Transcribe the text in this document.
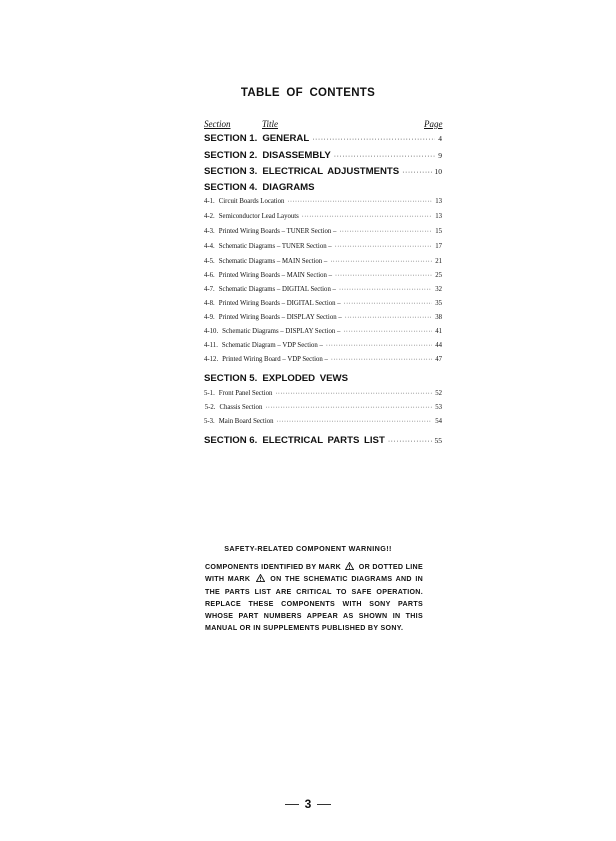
TABLE OF CONTENTS
Section	Title	Page
SECTION 1. GENERAL ·····	4
SECTION 2. DISASSEMBLY ·····	9
SECTION 3. ELECTRICAL ADJUSTMENTS ·····	10
SECTION 4. DIAGRAMS
4-1. Circuit Boards Location ·····	13
4-2. Semiconductor Lead Layouts ·····	13
4-3. Printed Wiring Boards – TUNER Section – ·····	15
4-4. Schematic Diagrams – TUNER Section – ·····	17
4-5. Schematic Diagrams – MAIN Section – ·····	21
4-6. Printed Wiring Boards – MAIN Section – ·····	25
4-7. Schematic Diagrams – DIGITAL Section – ·····	32
4-8. Printed Wiring Boards – DIGITAL Section – ·····	35
4-9. Printed Wiring Boards – DISPLAY Section – ·····	38
4-10. Schematic Diagrams – DISPLAY Section – ·····	41
4-11. Schematic Diagram – VDP Section – ·····	44
4-12. Printed Wiring Board – VDP Section – ·····	47
SECTION 5. EXPLODED VEWS
5-1. Front Panel Section ·····	52
5-2. Chassis Section ·····	53
5-3. Main Board Section ·····	54
SECTION 6. ELECTRICAL PARTS LIST ·····	55
SAFETY-RELATED COMPONENT WARNING!!
COMPONENTS IDENTIFIED BY MARK OR DOTTED LINE WITH MARK	ON THE SCHEMATIC DIAGRAMS AND IN THE PARTS LIST ARE CRITICAL TO SAFE OPERATION. REPLACE THESE COMPONENTS WITH SONY PARTS WHOSE PART NUMBERS APPEAR AS SHOWN IN THIS MANUAL OR IN SUPPLEMENTS PUBLISHED BY SONY.
3
